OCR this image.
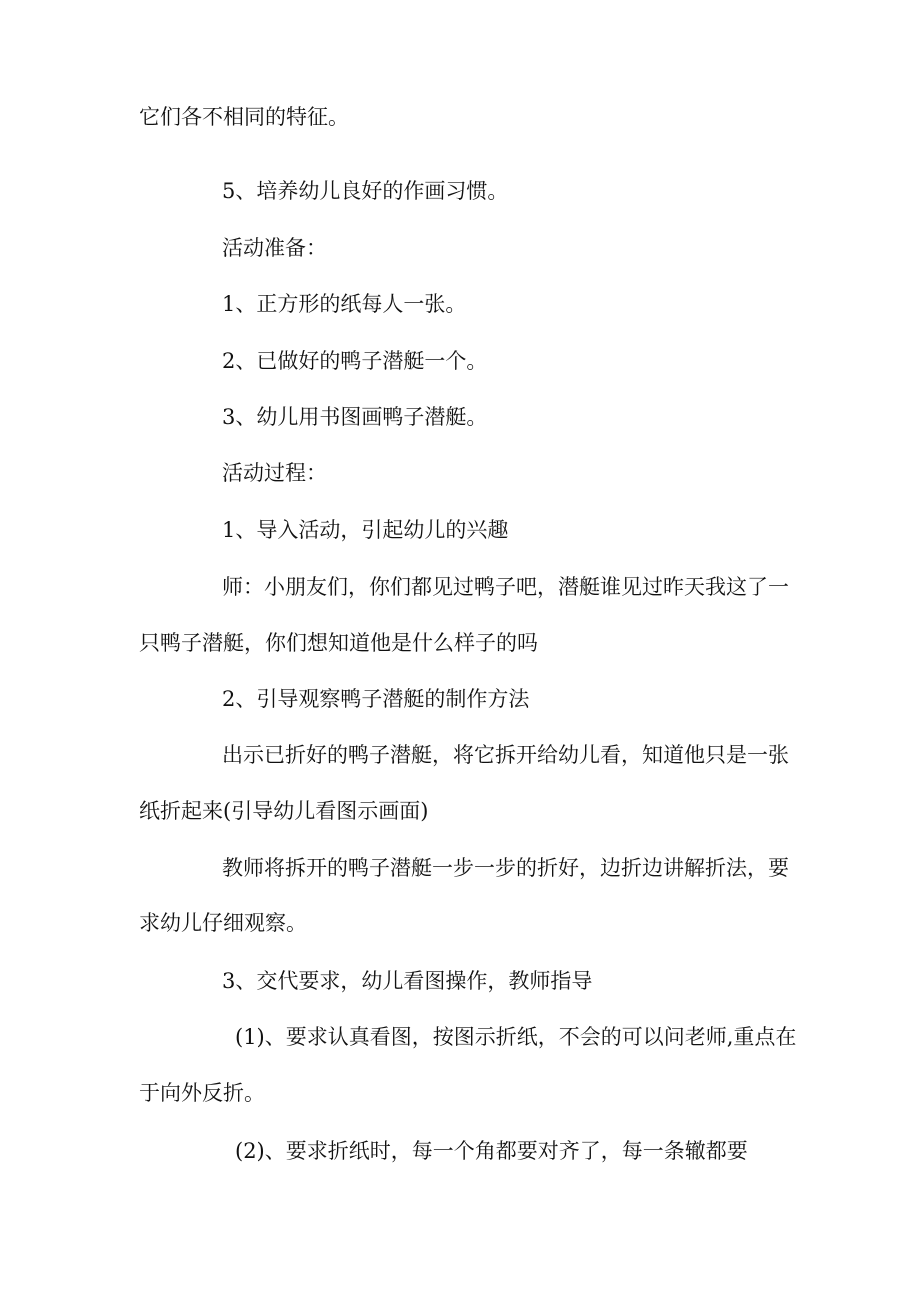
它们各不相同的特征。

5、培养幼儿良好的作画习惯。

活动准备：

1、正方形的纸每人一张。

2、已做好的鸭子潜艇一个。

3、幼儿用书图画鸭子潜艇。

活动过程：

1、导入活动，引起幼儿的兴趣

师：小朋友们，你们都见过鸭子吧，潜艇谁见过昨天我这了一

只鸭子潜艇，你们想知道他是什么样子的吗

2、引导观察鸭子潜艇的制作方法

出示已折好的鸭子潜艇，将它拆开给幼儿看，知道他只是一张

纸折起来(引导幼儿看图示画面)

教师将拆开的鸭子潜艇一步一步的折好，边折边讲解折法，要

求幼儿仔细观察。

3、交代要求，幼儿看图操作，教师指导

(1)、要求认真看图，按图示折纸，不会的可以问老师,重点在

于向外反折。

(2)、要求折纸时，每一个角都要对齐了，每一条辙都要
